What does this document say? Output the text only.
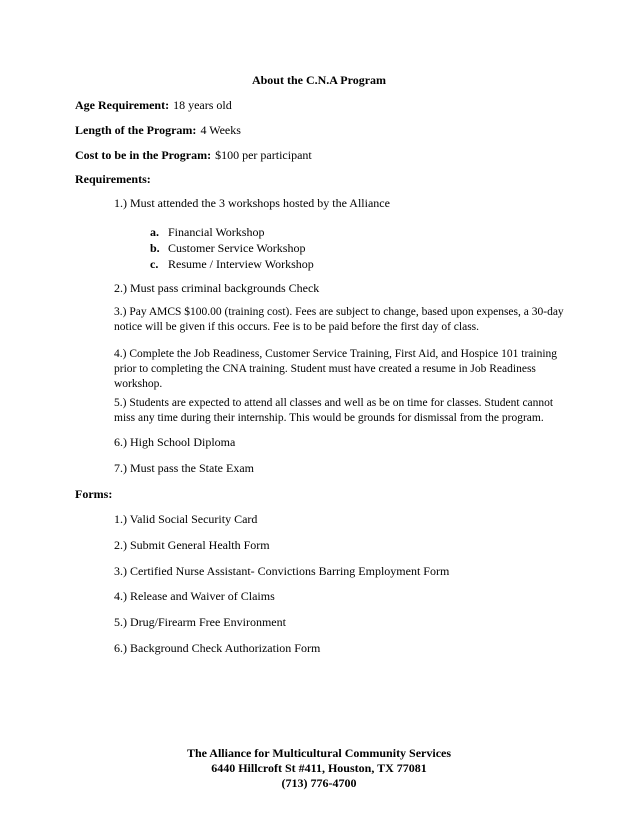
About the C.N.A Program
Age Requirement: 18 years old
Length of the Program: 4 Weeks
Cost to be in the Program: $100 per participant
Requirements:
1.) Must attended the 3 workshops hosted by the Alliance
a. Financial Workshop
b. Customer Service Workshop
c. Resume / Interview Workshop
2.) Must pass criminal backgrounds Check
3.) Pay AMCS $100.00 (training cost). Fees are subject to change, based upon expenses, a 30-day notice will be given if this occurs. Fee is to be paid before the first day of class.
4.) Complete the Job Readiness, Customer Service Training, First Aid, and Hospice 101 training prior to completing the CNA training. Student must have created a resume in Job Readiness workshop.
5.) Students are expected to attend all classes and well as be on time for classes. Student cannot miss any time during their internship. This would be grounds for dismissal from the program.
6.) High School Diploma
7.) Must pass the State Exam
Forms:
1.) Valid Social Security Card
2.) Submit General Health Form
3.) Certified Nurse Assistant- Convictions Barring Employment Form
4.) Release and Waiver of Claims
5.) Drug/Firearm Free Environment
6.) Background Check Authorization Form
The Alliance for Multicultural Community Services
6440 Hillcroft St #411, Houston, TX 77081
(713) 776-4700
